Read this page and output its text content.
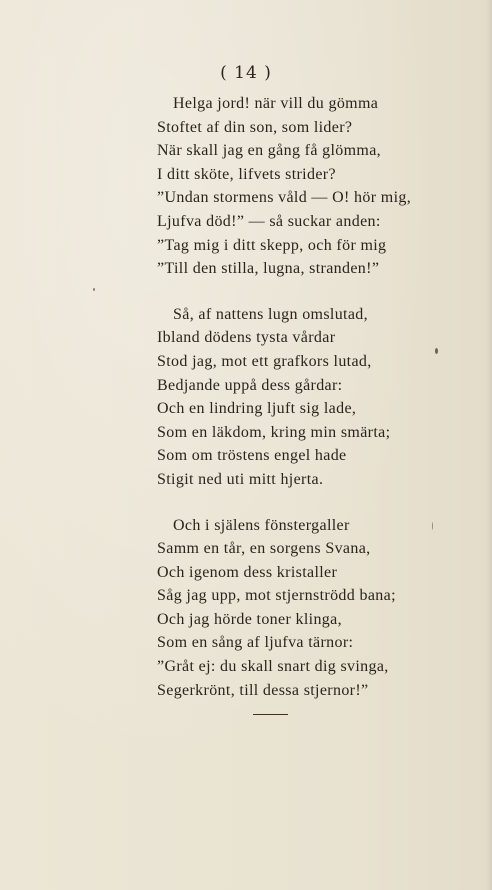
( 14 )
Helga jord! när vill du gömma
Stoftet af din son, som lider?
När skall jag en gång få glömma,
I ditt sköte, lifvets strider?
”Undan stormens våld — O! hör mig,
Ljufva död!” — så suckar anden:
”Tag mig i ditt skepp, och för mig
”Till den stilla, lugna, stranden!”
Så, af nattens lugn omslutad,
Ibland dödens tysta vårdar
Stod jag, mot ett grafkors lutad,
Bedjande uppå dess gårdar:
Och en lindring ljuft sig lade,
Som en läkdom, kring min smärta;
Som om tröstens engel hade
Stigit ned uti mitt hjerta.
Och i själens fönstergaller
Samm en tår, en sorgens Svana,
Och igenom dess kristaller
Såg jag upp, mot stjernströdd bana;
Och jag hörde toner klinga,
Som en sång af ljufva tärnor:
”Gråt ej: du skall snart dig svinga,
Segerkrönt, till dessa stjernor!”
